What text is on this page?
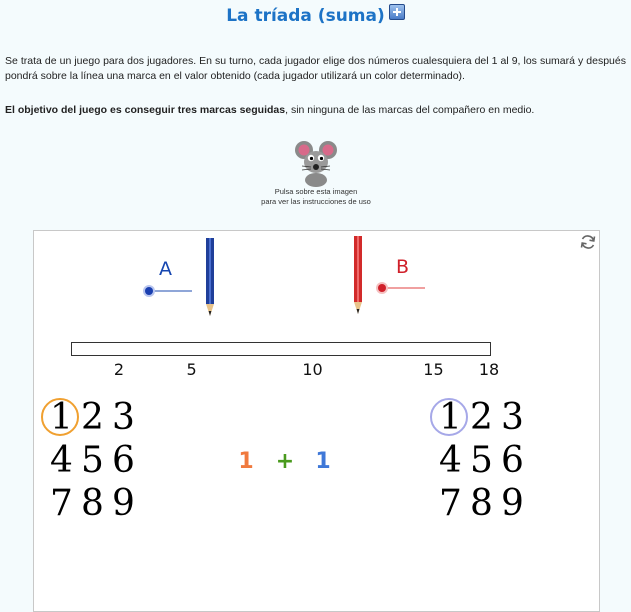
La tríada (suma)
Se trata de un juego para dos jugadores. En su turno, cada jugador elige dos números cualesquiera del 1 al 9, los sumará y después pondrá sobre la línea una marca en el valor obtenido (cada jugador utilizará un color determinado).
El objetivo del juego es conseguir tres marcas seguidas, sin ninguna de las marcas del compañero en medio.
Pulsa sobre esta imagen
para ver las instrucciones de uso
A	B
2	5	10	15 18
1 2 3
4 5 6
7 8 9
1 + 1
1 2 3
4 5 6
7 8 9
